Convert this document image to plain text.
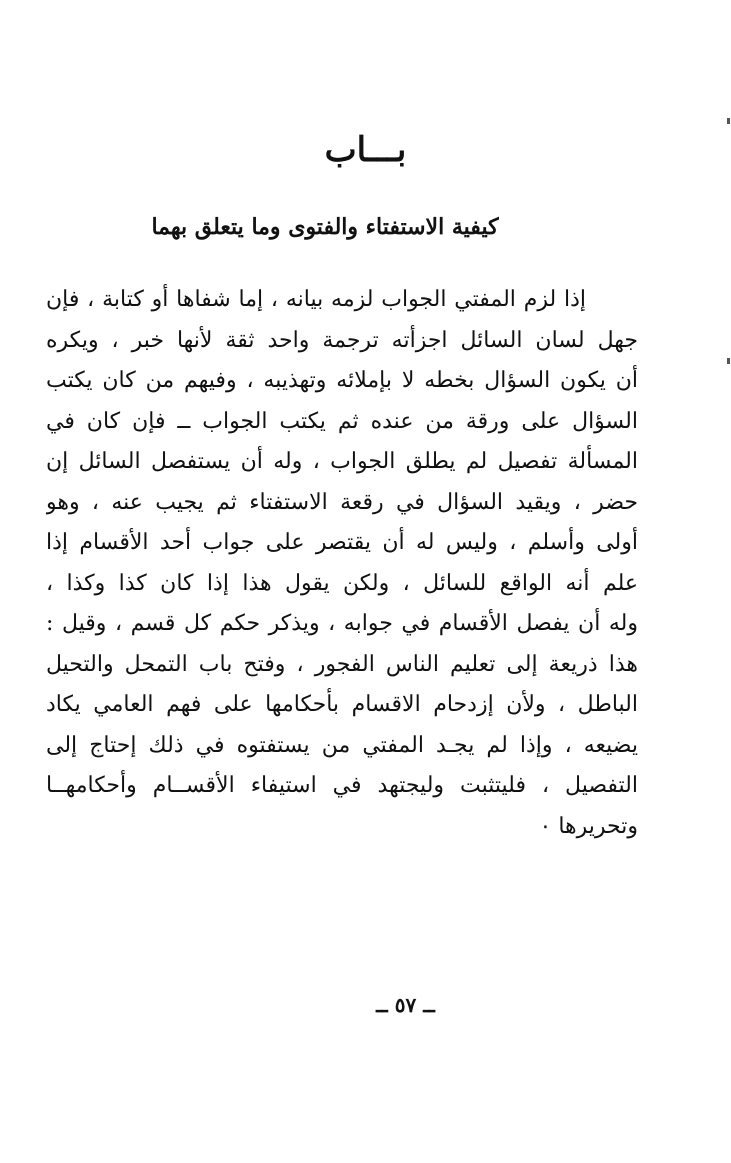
بـــاب
كيفية الاستفتاء والفتوى وما يتعلق بهما
إذا لزم المفتي الجواب لزمه بيانه ، إما شفاها أو كتابة ، فإن
جهل لسان السائل اجزأته ترجمة واحد ثقة لأنها خبر ، ويكره
أن يكون السؤال بخطه لا بإملائه وتهذيبه ، وفيهم من كان يكتب
السؤال على ورقة من عنده ثم يكتب الجواب ــ فإن كان في
المسألة تفصيل لم يطلق الجواب ، وله أن يستفصل السائل إن
حضر ، ويقيد السؤال في رقعة الاستفتاء ثم يجيب عنه ، وهو
أولى وأسلم ، وليس له أن يقتصر على جواب أحد الأقسام إذا
علم أنه الواقع للسائل ، ولكن يقول هذا إذا كان كذا وكذا ،
وله أن يفصل الأقسام في جوابه ، ويذكر حكم كل قسم ، وقيل :
هذا ذريعة إلى تعليم الناس الفجور ، وفتح باب التمحل والتحيل
الباطل ، ولأن إزدحام الاقسام بأحكامها على فهم العامي يكاد
يضيعه ، وإذا لم يجـد المفتي من يستفتوه في ذلك إحتاج إلى
التفصيل ، فليتثبت وليجتهد في استيفاء الأقســام وأحكامهــا
وتحريرها ٠
ــ ٥٧ ــ
